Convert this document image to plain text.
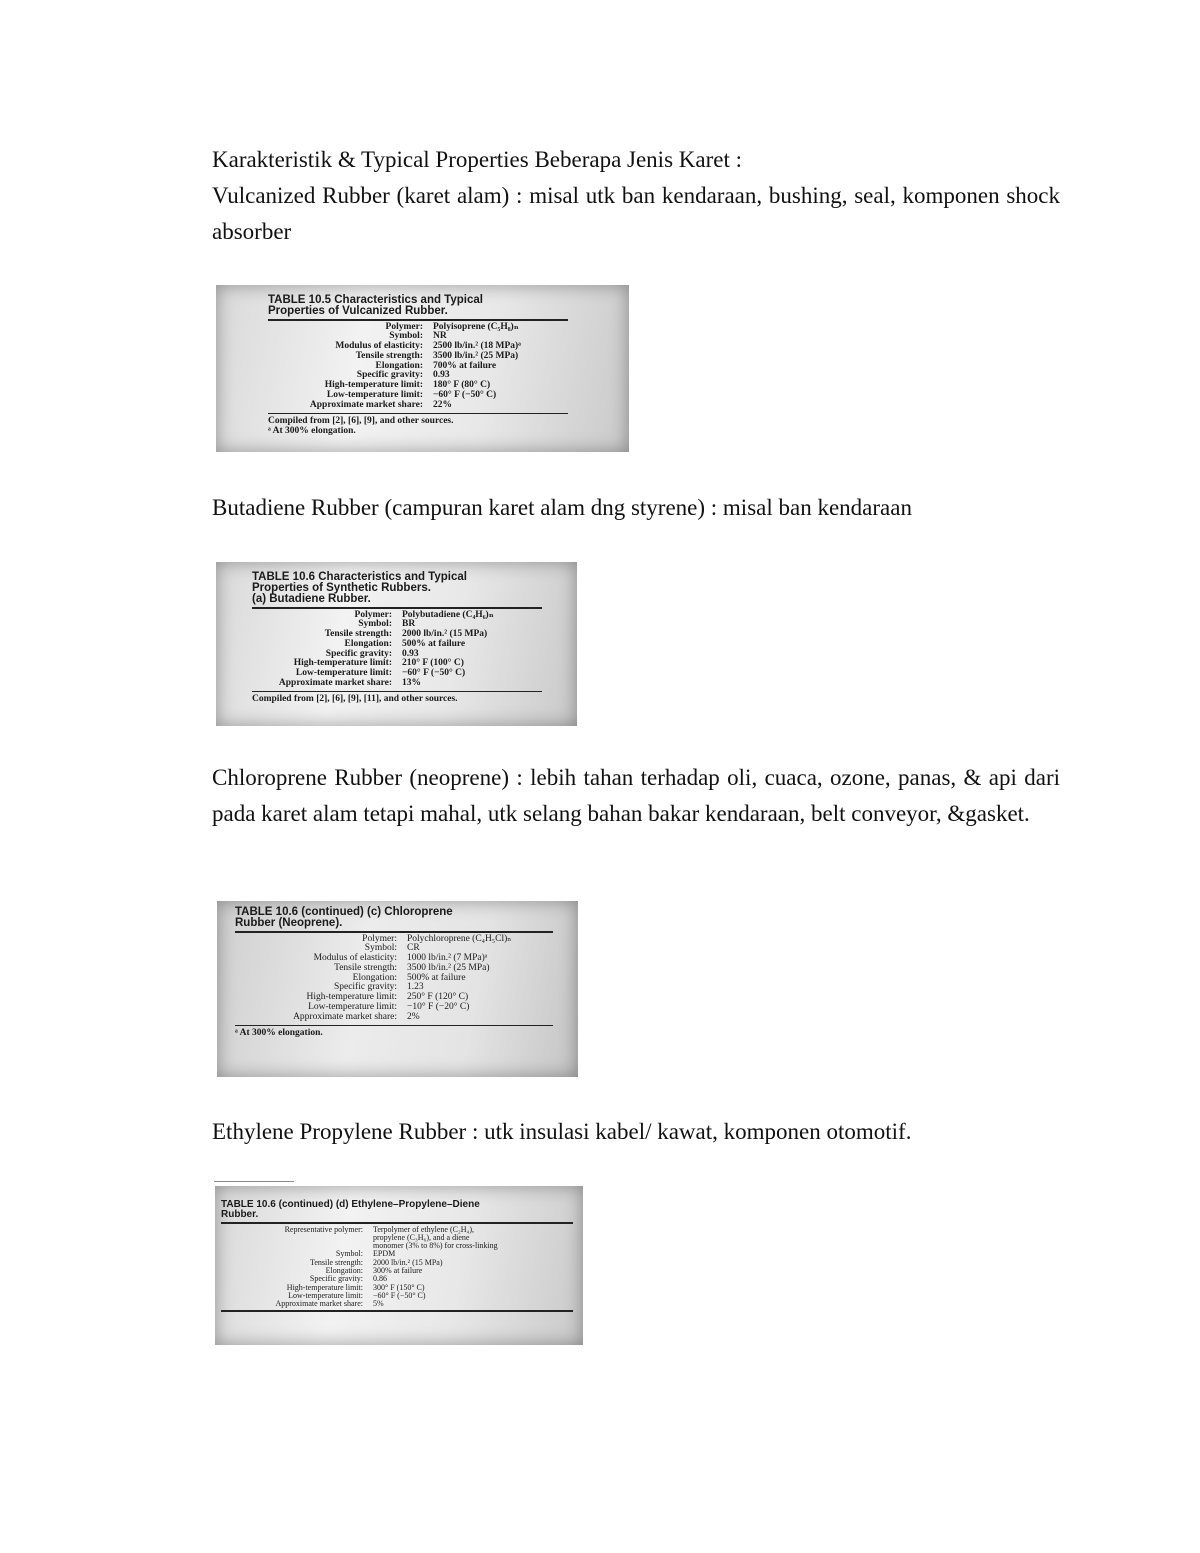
Karakteristik & Typical Properties Beberapa Jenis Karet :
Vulcanized Rubber (karet alam) : misal utk ban kendaraan, bushing, seal, komponen shock absorber
TABLE 10.5 Characteristics and Typical
Properties of Vulcanized Rubber.
Polymer:	Polyisoprene (C₅H₈)ₙ
Symbol:	NR
Modulus of elasticity:	2500 lb/in.² (18 MPa)ᵃ
Tensile strength:	3500 lb/in.² (25 MPa)
Elongation:	700% at failure
Specific gravity:	0.93
High-temperature limit:	180° F (80° C)
Low-temperature limit:	−60° F (−50° C)
Approximate market share:	22%
Compiled from [2], [6], [9], and other sources.
ᵃ At 300% elongation.
Butadiene Rubber (campuran karet alam dng styrene) : misal ban kendaraan
TABLE 10.6 Characteristics and Typical
Properties of Synthetic Rubbers.
(a) Butadiene Rubber.
Polymer:	Polybutadiene (C₄H₆)ₙ
Symbol:	BR
Tensile strength:	2000 lb/in.² (15 MPa)
Elongation:	500% at failure
Specific gravity:	0.93
High-temperature limit:	210° F (100° C)
Low-temperature limit:	−60° F (−50° C)
Approximate market share:	13%
Compiled from [2], [6], [9], [11], and other sources.
Chloroprene Rubber (neoprene) : lebih tahan terhadap oli, cuaca, ozone, panas, & api dari pada karet alam tetapi mahal, utk selang bahan bakar kendaraan, belt conveyor, &gasket.
TABLE 10.6 (continued) (c) Chloroprene
Rubber (Neoprene).
Polymer:	Polychloroprene (C₄H₅Cl)ₙ
Symbol:	CR
Modulus of elasticity:	1000 lb/in.² (7 MPa)ᵃ
Tensile strength:	3500 lb/in.² (25 MPa)
Elongation:	500% at failure
Specific gravity:	1.23
High-temperature limit:	250° F (120° C)
Low-temperature limit:	−10° F (−20° C)
Approximate market share:	2%
ᵃ At 300% elongation.
Ethylene Propylene Rubber : utk insulasi kabel/ kawat, komponen otomotif.
TABLE 10.6 (continued) (d) Ethylene–Propylene–Diene
Rubber.
Representative polymer:	Terpolymer of ethylene (C₂H₄),
propylene (C₃H₆), and a diene
monomer (3% to 8%) for cross-linking
Symbol:	EPDM
Tensile strength:	2000 lb/in.² (15 MPa)
Elongation:	300% at failure
Specific gravity:	0.86
High-temperature limit:	300° F (150° C)
Low-temperature limit:	−60° F (−50° C)
Approximate market share:	5%
